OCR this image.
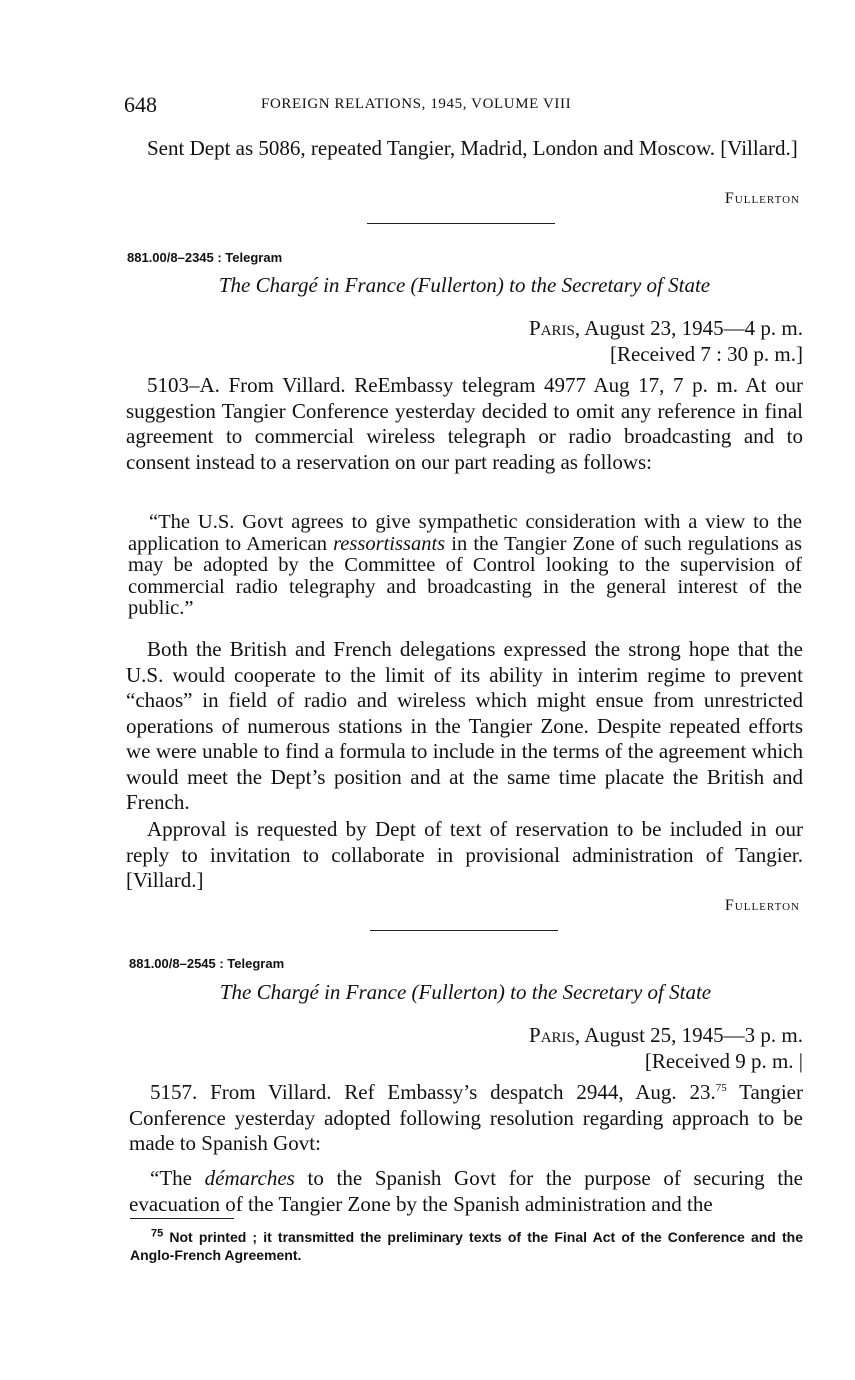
648	FOREIGN RELATIONS, 1945, VOLUME VIII

Sent Dept as 5086, repeated Tangier, Madrid, London and Moscow. [Villard.]

Fullerton
881.00/8–2345 : Telegram
The Chargé in France (Fullerton) to the Secretary of State
Paris, August 23, 1945—4 p. m.
[Received 7 : 30 p. m.]

5103–A. From Villard. ReEmbassy telegram 4977 Aug 17, 7 p. m. At our suggestion Tangier Conference yesterday decided to omit any reference in final agreement to commercial wireless telegraph or radio broadcasting and to consent instead to a reservation on our part reading as follows:

“The U.S. Govt agrees to give sympathetic consideration with a view to the application to American ressortissants in the Tangier Zone of such regulations as may be adopted by the Committee of Control looking to the supervision of commercial radio telegraphy and broadcasting in the general interest of the public.”

Both the British and French delegations expressed the strong hope that the U.S. would cooperate to the limit of its ability in interim regime to prevent “chaos” in field of radio and wireless which might ensue from unrestricted operations of numerous stations in the Tangier Zone. Despite repeated efforts we were unable to find a formula to include in the terms of the agreement which would meet the Dept’s position and at the same time placate the British and French.

Approval is requested by Dept of text of reservation to be included in our reply to invitation to collaborate in provisional administration of Tangier. [Villard.]

Fullerton
881.00/8–2545 : Telegram
The Chargé in France (Fullerton) to the Secretary of State
Paris, August 25, 1945—3 p. m.
[Received 9 p. m. |

5157. From Villard. Ref Embassy’s despatch 2944, Aug. 23.75 Tangier Conference yesterday adopted following resolution regarding approach to be made to Spanish Govt:

“The démarches to the Spanish Govt for the purpose of securing the evacuation of the Tangier Zone by the Spanish administration and the

$^{75}$ Not printed ; it transmitted the preliminary texts of the Final Act of the Conference and the Anglo-French Agreement.
